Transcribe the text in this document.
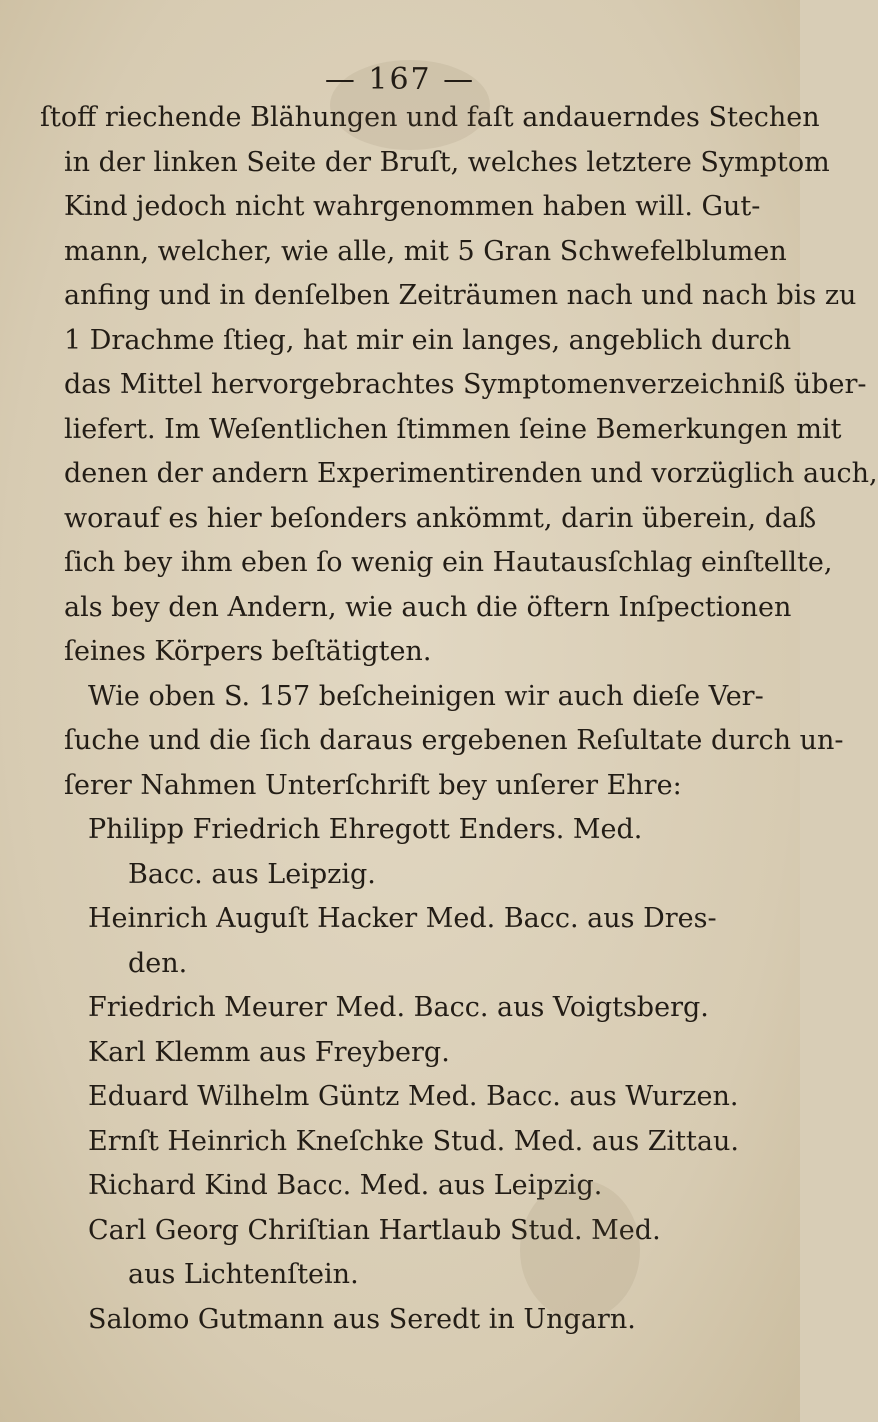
— 167 —
ſtoff riechende Blähungen und faſt andauerndes Stechen
in der linken Seite der Bruſt, welches letztere Symptom
Kind jedoch nicht wahrgenommen haben will. Gut-
mann, welcher, wie alle, mit 5 Gran Schwefelblumen
anfing und in denſelben Zeiträumen nach und nach bis zu
1 Drachme ſtieg, hat mir ein langes, angeblich durch
das Mittel hervorgebrachtes Symptomenverzeichniß über-
liefert. Im Weſentlichen ſtimmen ſeine Bemerkungen mit
denen der andern Experimentirenden und vorzüglich auch,
worauf es hier beſonders ankömmt, darin überein, daß
ſich bey ihm eben ſo wenig ein Hautausſchlag einſtellte,
als bey den Andern, wie auch die öftern Inſpectionen
ſeines Körpers beſtätigten.
Wie oben S. 157 beſcheinigen wir auch dieſe Ver-
ſuche und die ſich daraus ergebenen Reſultate durch un-
ſerer Nahmen Unterſchrift bey unſerer Ehre:
Philipp Friedrich Ehregott Enders. Med.
Bacc. aus Leipzig.
Heinrich Auguſt Hacker Med. Bacc. aus Dres-
den.
Friedrich Meurer Med. Bacc. aus Voigtsberg.
Karl Klemm aus Freyberg.
Eduard Wilhelm Güntz Med. Bacc. aus Wurzen.
Ernſt Heinrich Kneſchke Stud. Med. aus Zittau.
Richard Kind Bacc. Med. aus Leipzig.
Carl Georg Chriſtian Hartlaub Stud. Med.
aus Lichtenſtein.
Salomo Gutmann aus Seredt in Ungarn.
